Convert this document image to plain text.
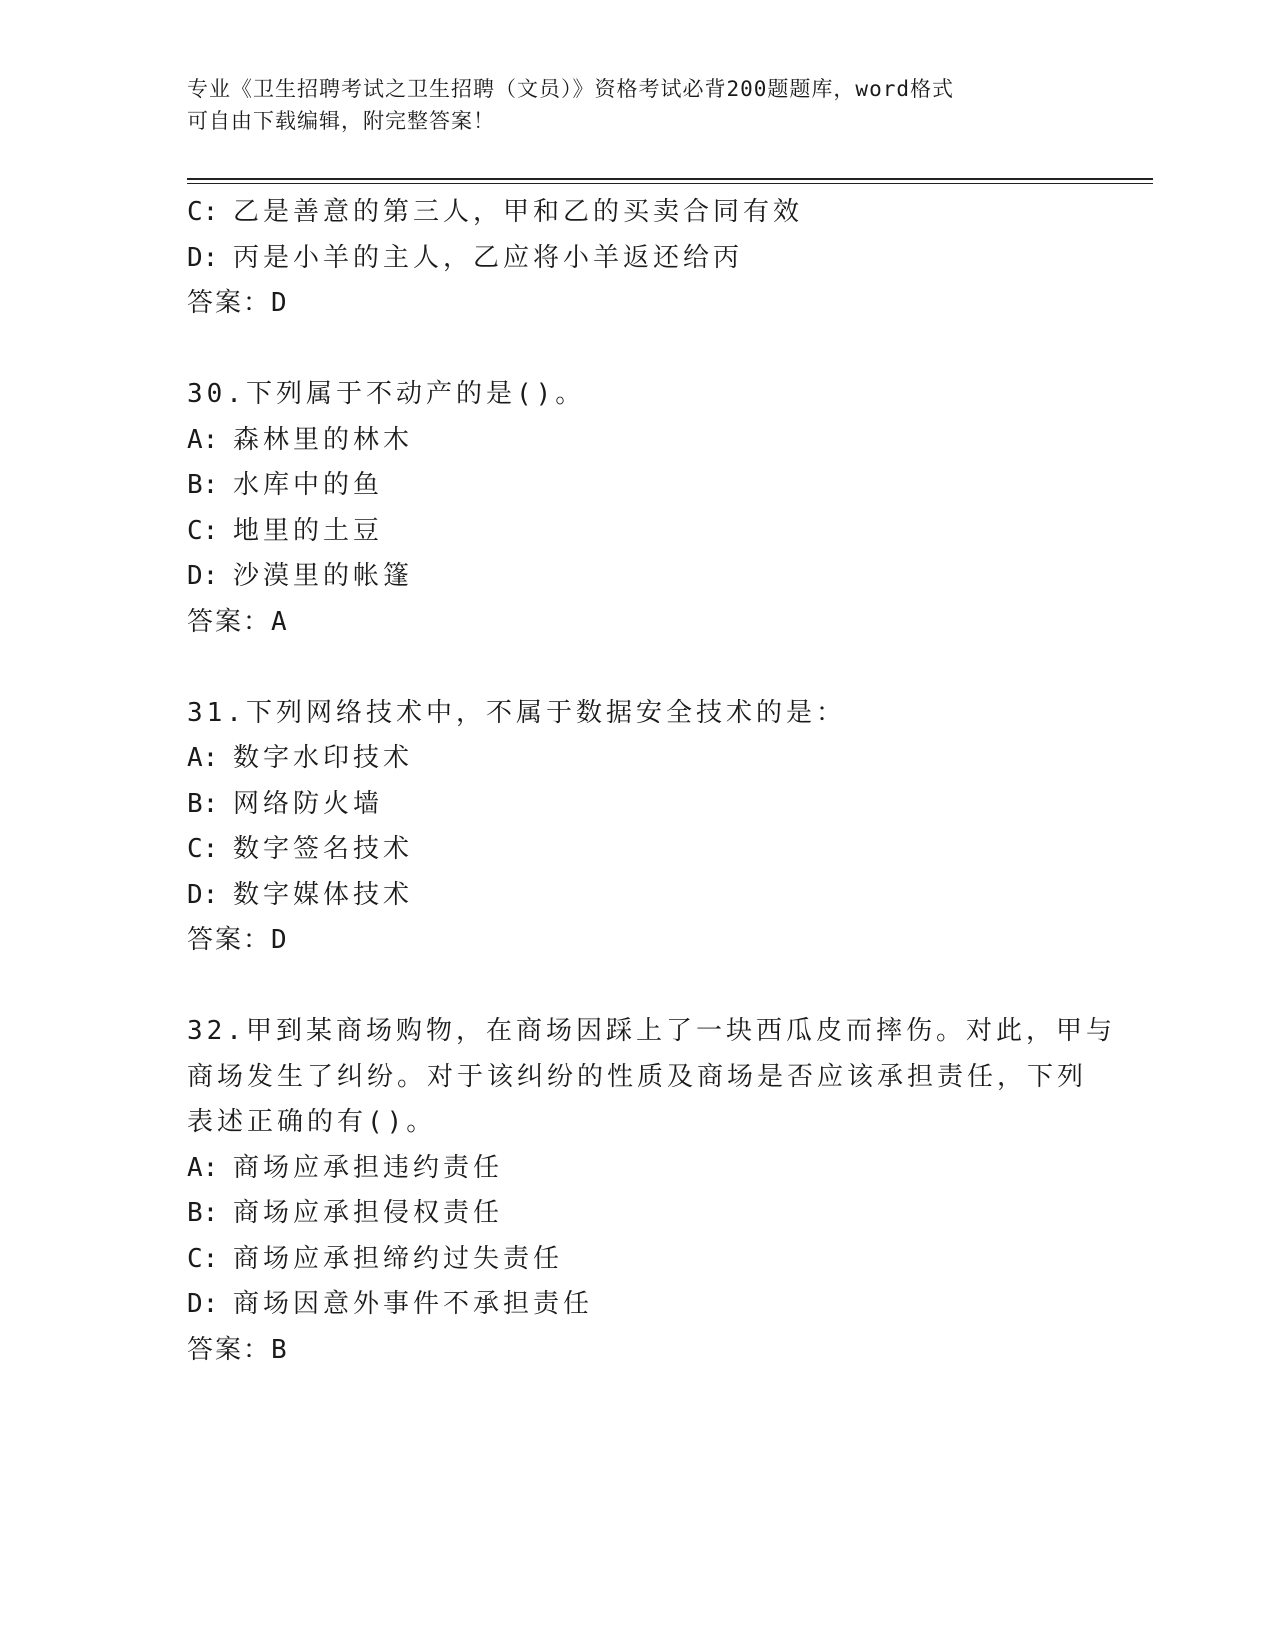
专业《卫生招聘考试之卫生招聘（文员）》资格考试必背200题题库，word格式
可自由下载编辑，附完整答案！
C: 乙是善意的第三人，甲和乙的买卖合同有效
D: 丙是小羊的主人，乙应将小羊返还给丙
答案：D
30.下列属于不动产的是()。
A: 森林里的林木
B: 水库中的鱼
C: 地里的土豆
D: 沙漠里的帐篷
答案：A
31.下列网络技术中，不属于数据安全技术的是：
A: 数字水印技术
B: 网络防火墙
C: 数字签名技术
D: 数字媒体技术
答案：D
32.甲到某商场购物，在商场因踩上了一块西瓜皮而摔伤。对此，甲与
商场发生了纠纷。对于该纠纷的性质及商场是否应该承担责任，下列
表述正确的有()。
A: 商场应承担违约责任
B: 商场应承担侵权责任
C: 商场应承担缔约过失责任
D: 商场因意外事件不承担责任
答案：B
